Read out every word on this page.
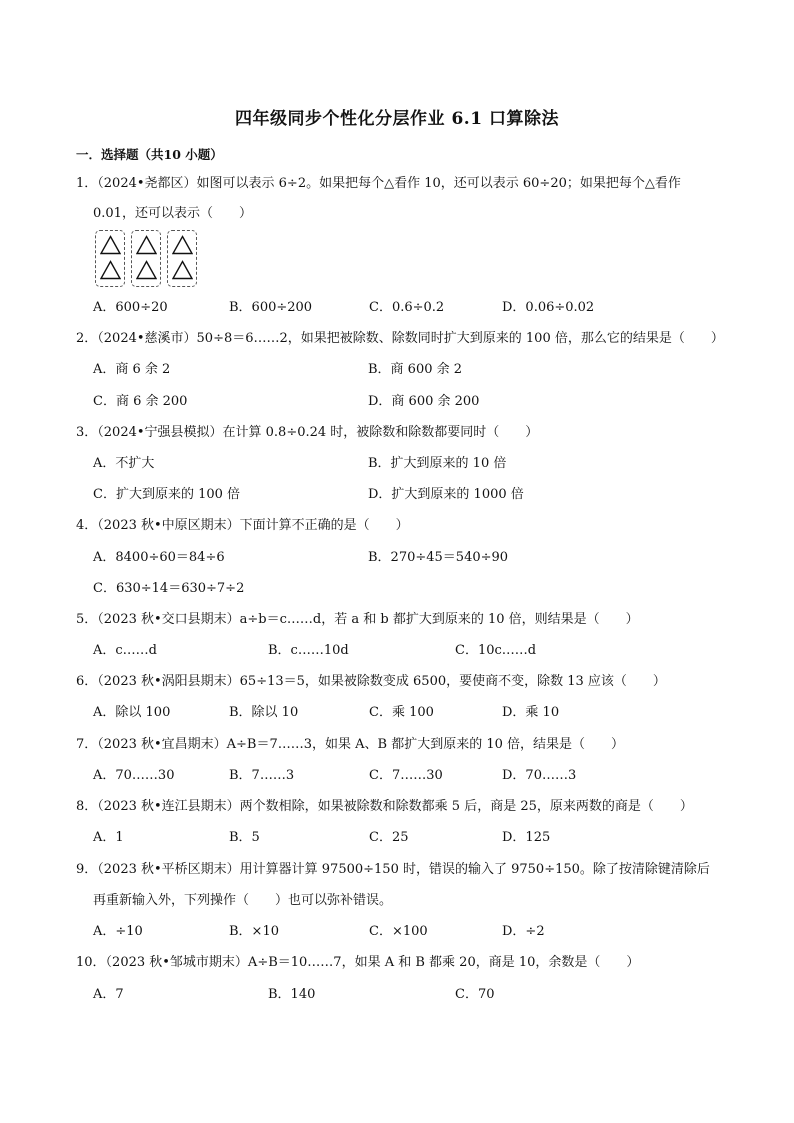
四年级同步个性化分层作业 6.1 口算除法
一．选择题（共10 小题）
1．（2024•尧都区）如图可以表示 6÷2。如果把每个△看作 10，还可以表示 60÷20；如果把每个△看作
0.01，还可以表示（　　）
A．600÷20	B．600÷200	C．0.6÷0.2	D．0.06÷0.02
2．（2024•慈溪市）50÷8＝6……2，如果把被除数、除数同时扩大到原来的 100 倍，那么它的结果是（　　）
A．商 6 余 2	B．商 600 余 2
C．商 6 余 200	D．商 600 余 200
3．（2024•宁强县模拟）在计算 0.8÷0.24 时，被除数和除数都要同时（　　）
A．不扩大	B．扩大到原来的 10 倍
C．扩大到原来的 100 倍	D．扩大到原来的 1000 倍
4．（2023 秋•中原区期末）下面计算不正确的是（　　）
A．8400÷60＝84÷6	B．270÷45＝540÷90
C．630÷14＝630÷7÷2
5．（2023 秋•交口县期末）a÷b＝c……d，若 a 和 b 都扩大到原来的 10 倍，则结果是（　　）
A．c……d	B．c……10d	C．10c……d
6．（2023 秋•涡阳县期末）65÷13＝5，如果被除数变成 6500，要使商不变，除数 13 应该（　　）
A．除以 100	B．除以 10	C．乘 100	D．乘 10
7．（2023 秋•宜昌期末）A÷B＝7……3，如果 A、B 都扩大到原来的 10 倍，结果是（　　）
A．70……30	B．7……3	C．7……30	D．70……3
8．（2023 秋•连江县期末）两个数相除，如果被除数和除数都乘 5 后，商是 25，原来两数的商是（　　）
A．1	B．5	C．25	D．125
9．（2023 秋•平桥区期末）用计算器计算 97500÷150 时，错误的输入了 9750÷150。除了按清除键清除后
再重新输入外，下列操作（　　）也可以弥补错误。
A．÷10	B．×10	C．×100	D．÷2
10．（2023 秋•邹城市期末）A÷B＝10……7，如果 A 和 B 都乘 20，商是 10，余数是（　　）
A．7	B．140	C．70
